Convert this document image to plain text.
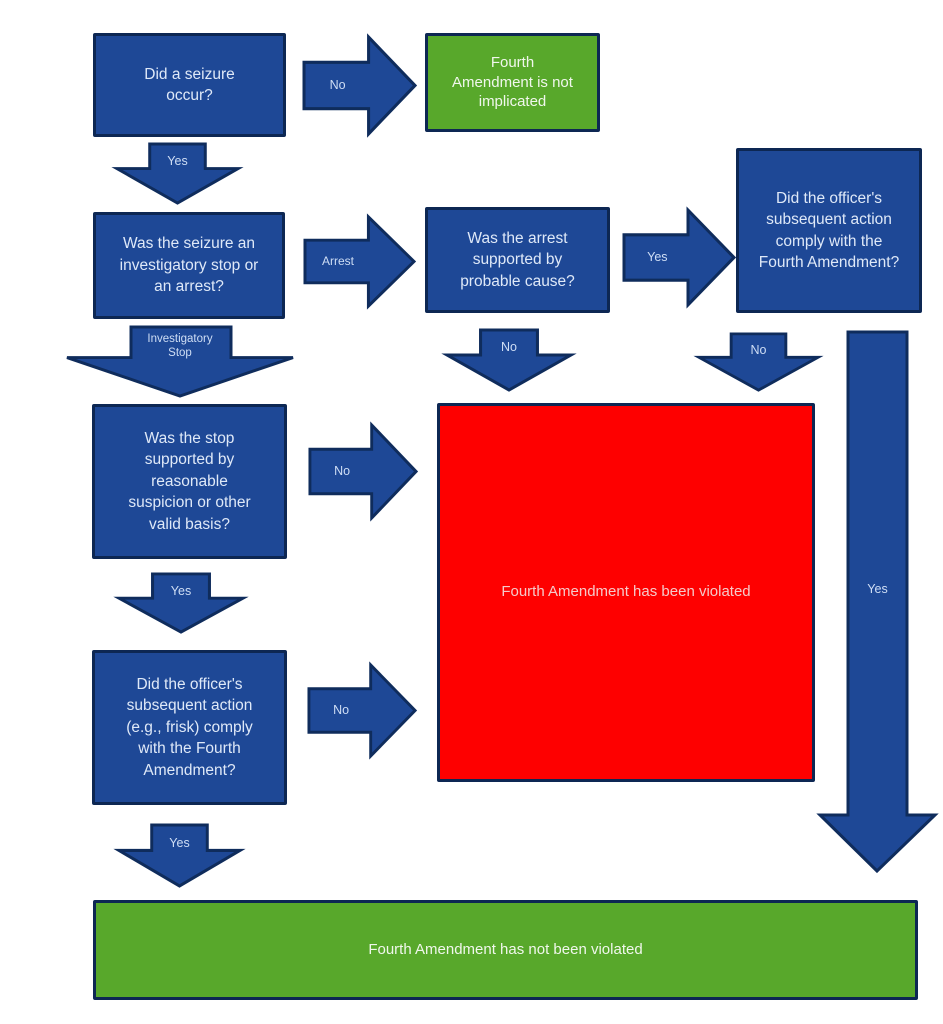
Did a seizure occur?
No
Fourth Amendment is not implicated
Yes
Was the seizure an investigatory stop or an arrest?
Arrest
Was the arrest supported by probable cause?
Yes
Did the officer's subsequent action comply with the Fourth Amendment?
Investigatory Stop	No	No
Was the stop supported by reasonable suspicion or other valid basis?
No
Fourth Amendment has been violated
Yes
Did the officer's subsequent action (e.g., frisk) comply with the Fourth Amendment?
No
Yes
Yes
Fourth Amendment has not been violated
